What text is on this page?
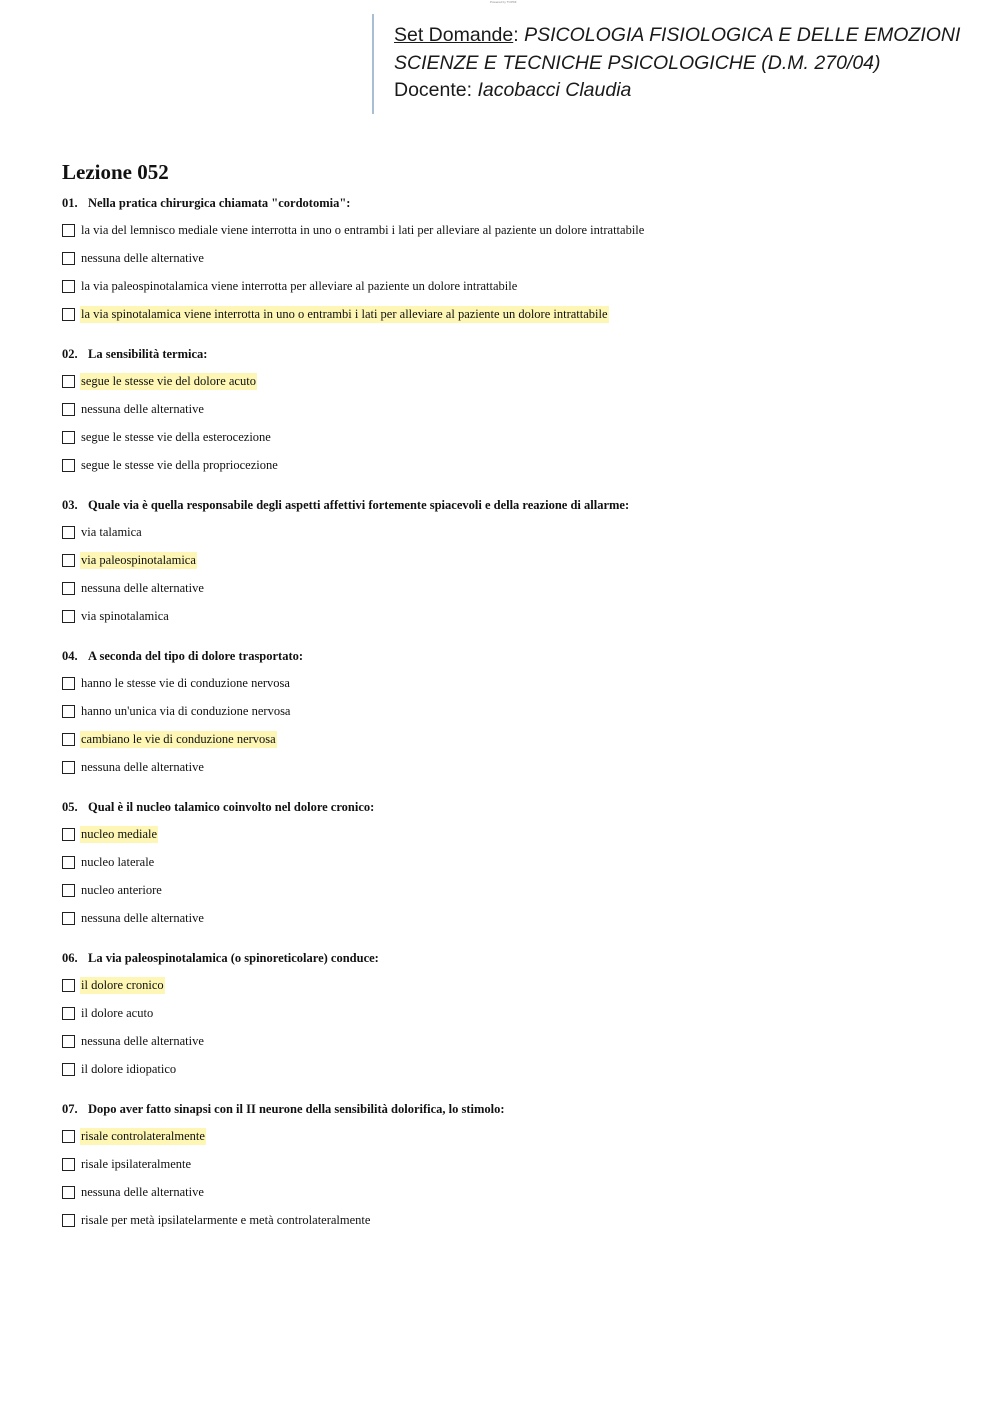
Powered by TCPDF
Set Domande: PSICOLOGIA FISIOLOGICA E DELLE EMOZIONI
SCIENZE E TECNICHE PSICOLOGICHE (D.M. 270/04)
Docente: Iacobacci Claudia
Lezione 052
01. Nella pratica chirurgica chiamata "cordotomia":
la via del lemnisco mediale viene interrotta in uno o entrambi i lati per alleviare al paziente un dolore intrattabile
nessuna delle alternative
la via paleospinotalamica viene interrotta per alleviare al paziente un dolore intrattabile
la via spinotalamica viene interrotta in uno o entrambi i lati per alleviare al paziente un dolore intrattabile
02. La sensibilità termica:
segue le stesse vie del dolore acuto
nessuna delle alternative
segue le stesse vie della esterocezione
segue le stesse vie della propriocezione
03. Quale via è quella responsabile degli aspetti affettivi fortemente spiacevoli e della reazione di allarme:
via talamica
via paleospinotalamica
nessuna delle alternative
via spinotalamica
04. A seconda del tipo di dolore trasportato:
hanno le stesse vie di conduzione nervosa
hanno un'unica via di conduzione nervosa
cambiano le vie di conduzione nervosa
nessuna delle alternative
05. Qual è il nucleo talamico coinvolto nel dolore cronico:
nucleo mediale
nucleo laterale
nucleo anteriore
nessuna delle alternative
06. La via paleospinotalamica (o spinoreticolare) conduce:
il dolore cronico
il dolore acuto
nessuna delle alternative
il dolore idiopatico
07. Dopo aver fatto sinapsi con il II neurone della sensibilità dolorifica, lo stimolo:
risale controlateralmente
risale ipsilateralmente
nessuna delle alternative
risale per metà ipsilatelarmente e metà controlateralmente
